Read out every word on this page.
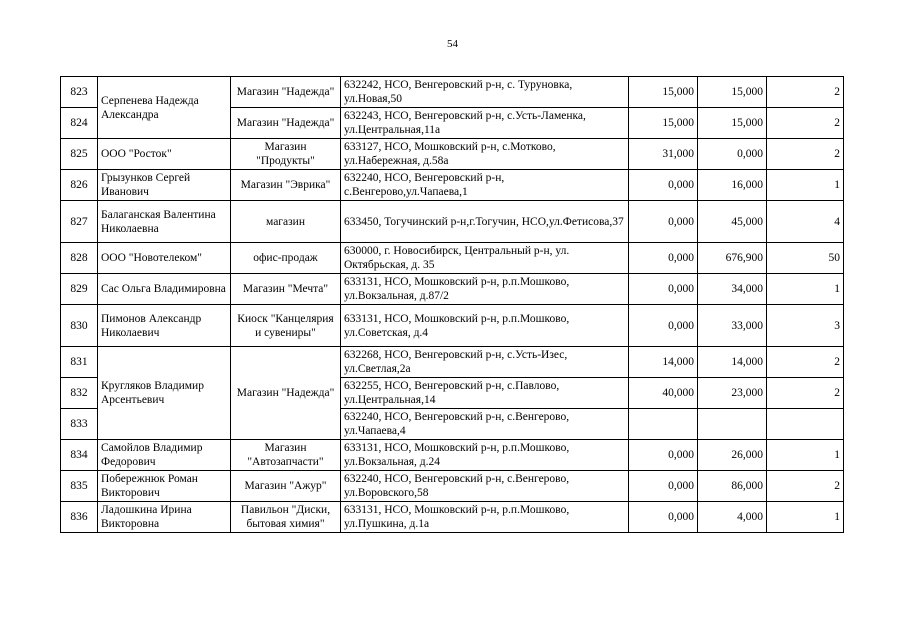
54
823	Серпенева Надежда Александра	Магазин "Надежда"	632242, НСО, Венгеровский р-н, с. Туруновка, ул.Новая,50	15,000	15,000	2
824		Магазин "Надежда"	632243, НСО, Венгеровский р-н, с.Усть-Ламенка, ул.Центральная,11а	15,000	15,000	2
825	ООО "Росток"	Магазин "Продукты"	633127, НСО, Мошковский р-н, с.Мотково, ул.Набережная, д.58а	31,000	0,000	2
826	Грызунков Сергей Иванович	Магазин "Эврика"	632240, НСО, Венгеровский р-н, с.Венгерово,ул.Чапаева,1	0,000	16,000	1
827	Балаганская Валентина Николаевна	магазин	633450, Тогучинский р-н,г.Тогучин, НСО,ул.Фетисова,37	0,000	45,000	4
828	ООО "Новотелеком"	офис-продаж	630000, г. Новосибирск, Центральный р-н, ул. Октябрьская, д. 35	0,000	676,900	50
829	Сас Ольга Владимировна	Магазин "Мечта"	633131, НСО, Мошковский р-н, р.п.Мошково, ул.Вокзальная, д.87/2	0,000	34,000	1
830	Пимонов Александр Николаевич	Киоск "Канцелярия и сувениры"	633131, НСО, Мошковский р-н, р.п.Мошково, ул.Советская, д.4	0,000	33,000	3
831	Кругляков Владимир Арсентьевич	Магазин "Надежда"	632268, НСО, Венгеровский р-н, с.Усть-Изес, ул.Светлая,2а	14,000	14,000	2
832			632255, НСО, Венгеровский р-н, с.Павлово, ул.Центральная,14	40,000	23,000	2
833			632240, НСО, Венгеровский р-н, с.Венгерово, ул.Чапаева,4			
834	Самойлов Владимир Федорович	Магазин "Автозапчасти"	633131, НСО, Мошковский р-н, р.п.Мошково, ул.Вокзальная, д.24	0,000	26,000	1
835	Побережнюк Роман Викторович	Магазин "Ажур"	632240, НСО, Венгеровский р-н, с.Венгерово, ул.Воровского,58	0,000	86,000	2
836	Ладошкина Ирина Викторовна	Павильон "Диски, бытовая химия"	633131, НСО, Мошковский р-н, р.п.Мошково, ул.Пушкина, д.1а	0,000	4,000	1
